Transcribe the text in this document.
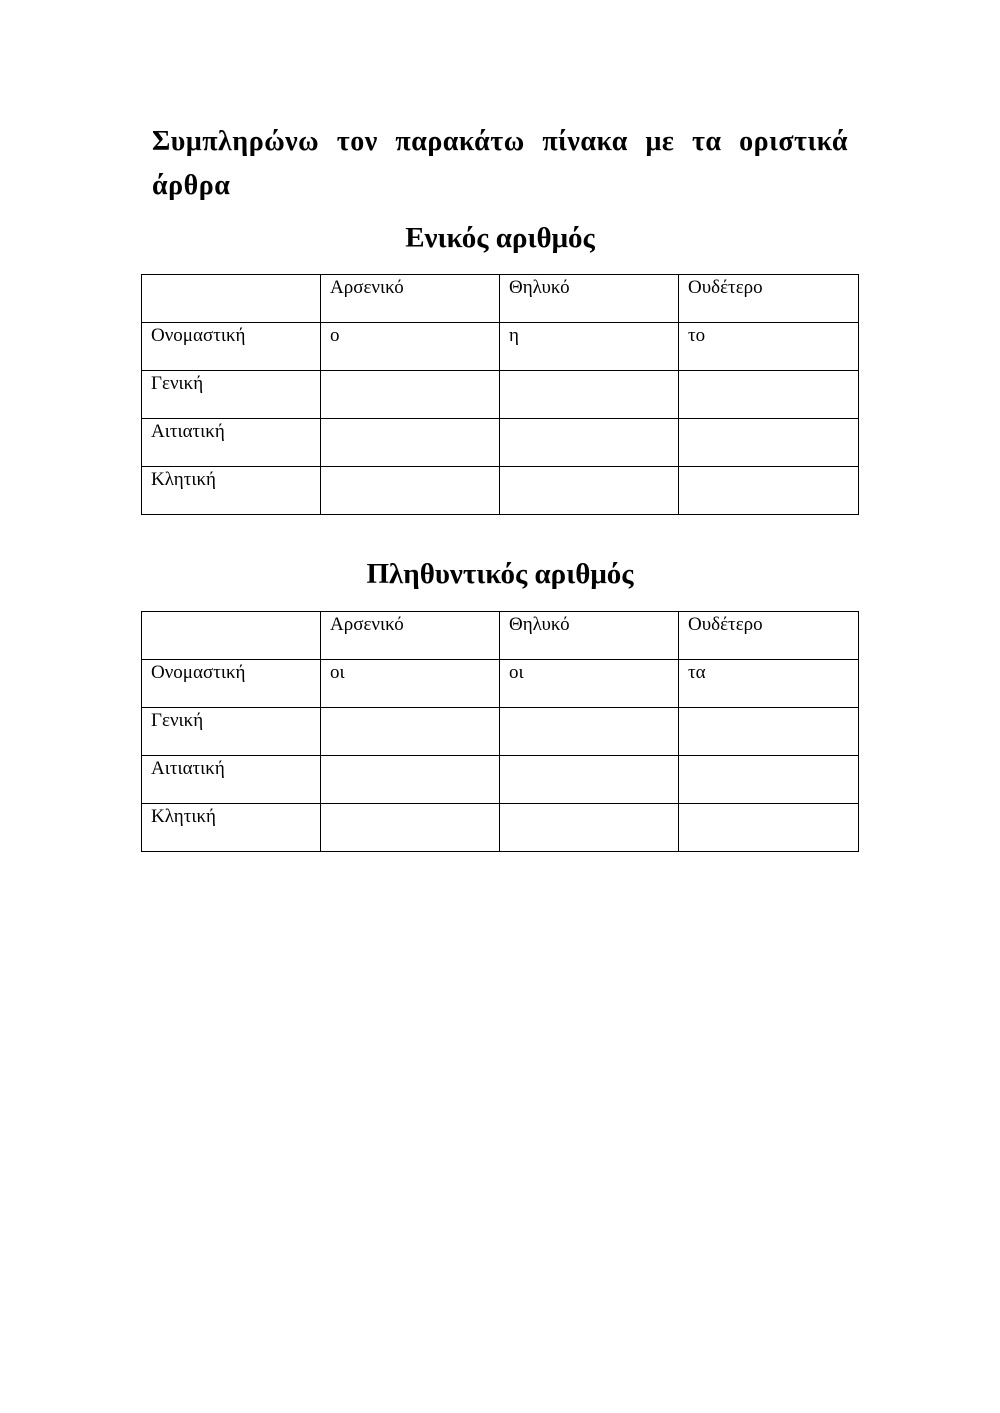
Συμπληρώνω τον παρακάτω πίνακα με τα οριστικά άρθρα
Ενικός αριθμός
	Αρσενικό	Θηλυκό	Ουδέτερο
Ονομαστική	ο	η	το
Γενική			
Αιτιατική			
Κλητική			
Πληθυντικός αριθμός
	Αρσενικό	Θηλυκό	Ουδέτερο
Ονομαστική	οι	οι	τα
Γενική			
Αιτιατική			
Κλητική			
